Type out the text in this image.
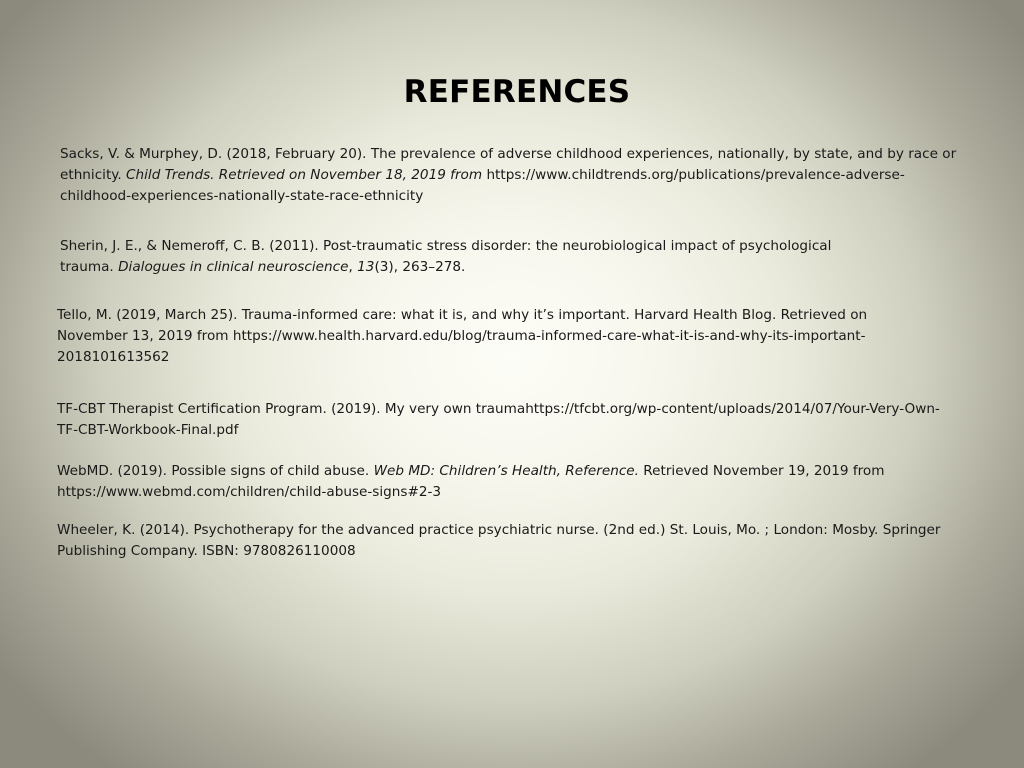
REFERENCES

Sacks, V. & Murphey, D. (2018, February 20). The prevalence of adverse childhood experiences, nationally, by state, and by race or ethnicity. Child Trends. Retrieved on November 18, 2019 from https://www.childtrends.org/publications/prevalence-adverse-childhood-experiences-nationally-state-race-ethnicity

Sherin, J. E., & Nemeroff, C. B. (2011). Post-traumatic stress disorder: the neurobiological impact of psychological trauma. Dialogues in clinical neuroscience, 13(3), 263–278.

Tello, M. (2019, March 25). Trauma-informed care: what it is, and why it’s important. Harvard Health Blog. Retrieved on November 13, 2019 from https://www.health.harvard.edu/blog/trauma-informed-care-what-it-is-and-why-its-important-2018101613562

TF-CBT Therapist Certification Program. (2019). My very own traumahttps://tfcbt.org/wp-content/uploads/2014/07/Your-Very-Own-TF-CBT-Workbook-Final.pdf

WebMD. (2019). Possible signs of child abuse. Web MD: Children’s Health, Reference. Retrieved November 19, 2019 from https://www.webmd.com/children/child-abuse-signs#2-3

Wheeler, K. (2014). Psychotherapy for the advanced practice psychiatric nurse. (2nd ed.) St. Louis, Mo. ; London: Mosby. Springer Publishing Company. ISBN: 9780826110008
